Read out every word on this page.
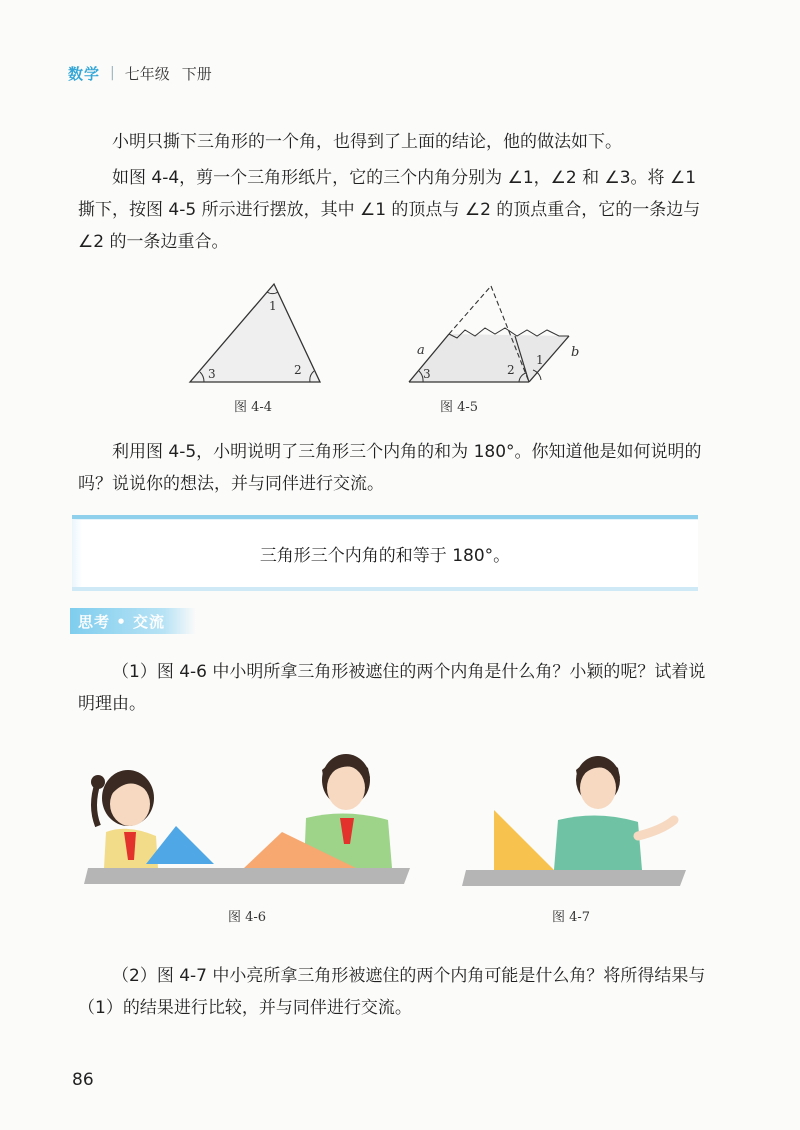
数学 | 七年级 下册
小明只撕下三角形的一个角，也得到了上面的结论，他的做法如下。
如图 4-4，剪一个三角形纸片，它的三个内角分别为 ∠1，∠2 和 ∠3。将 ∠1 撕下，按图 4-5 所示进行摆放，其中 ∠1 的顶点与 ∠2 的顶点重合，它的一条边与 ∠2 的一条边重合。
1
2
3
图 4-4
3	2
1
a	b
图 4-5
利用图 4-5，小明说明了三角形三个内角的和为 180°。你知道他是如何说明的吗？说说你的想法，并与同伴进行交流。
三角形三个内角的和等于 180°。
思考 • 交流
（1）图 4-6 中小明所拿三角形被遮住的两个内角是什么角？小颖的呢？试着说明理由。
图 4-6	图 4-7
（2）图 4-7 中小亮所拿三角形被遮住的两个内角可能是什么角？将所得结果与（1）的结果进行比较，并与同伴进行交流。
86
